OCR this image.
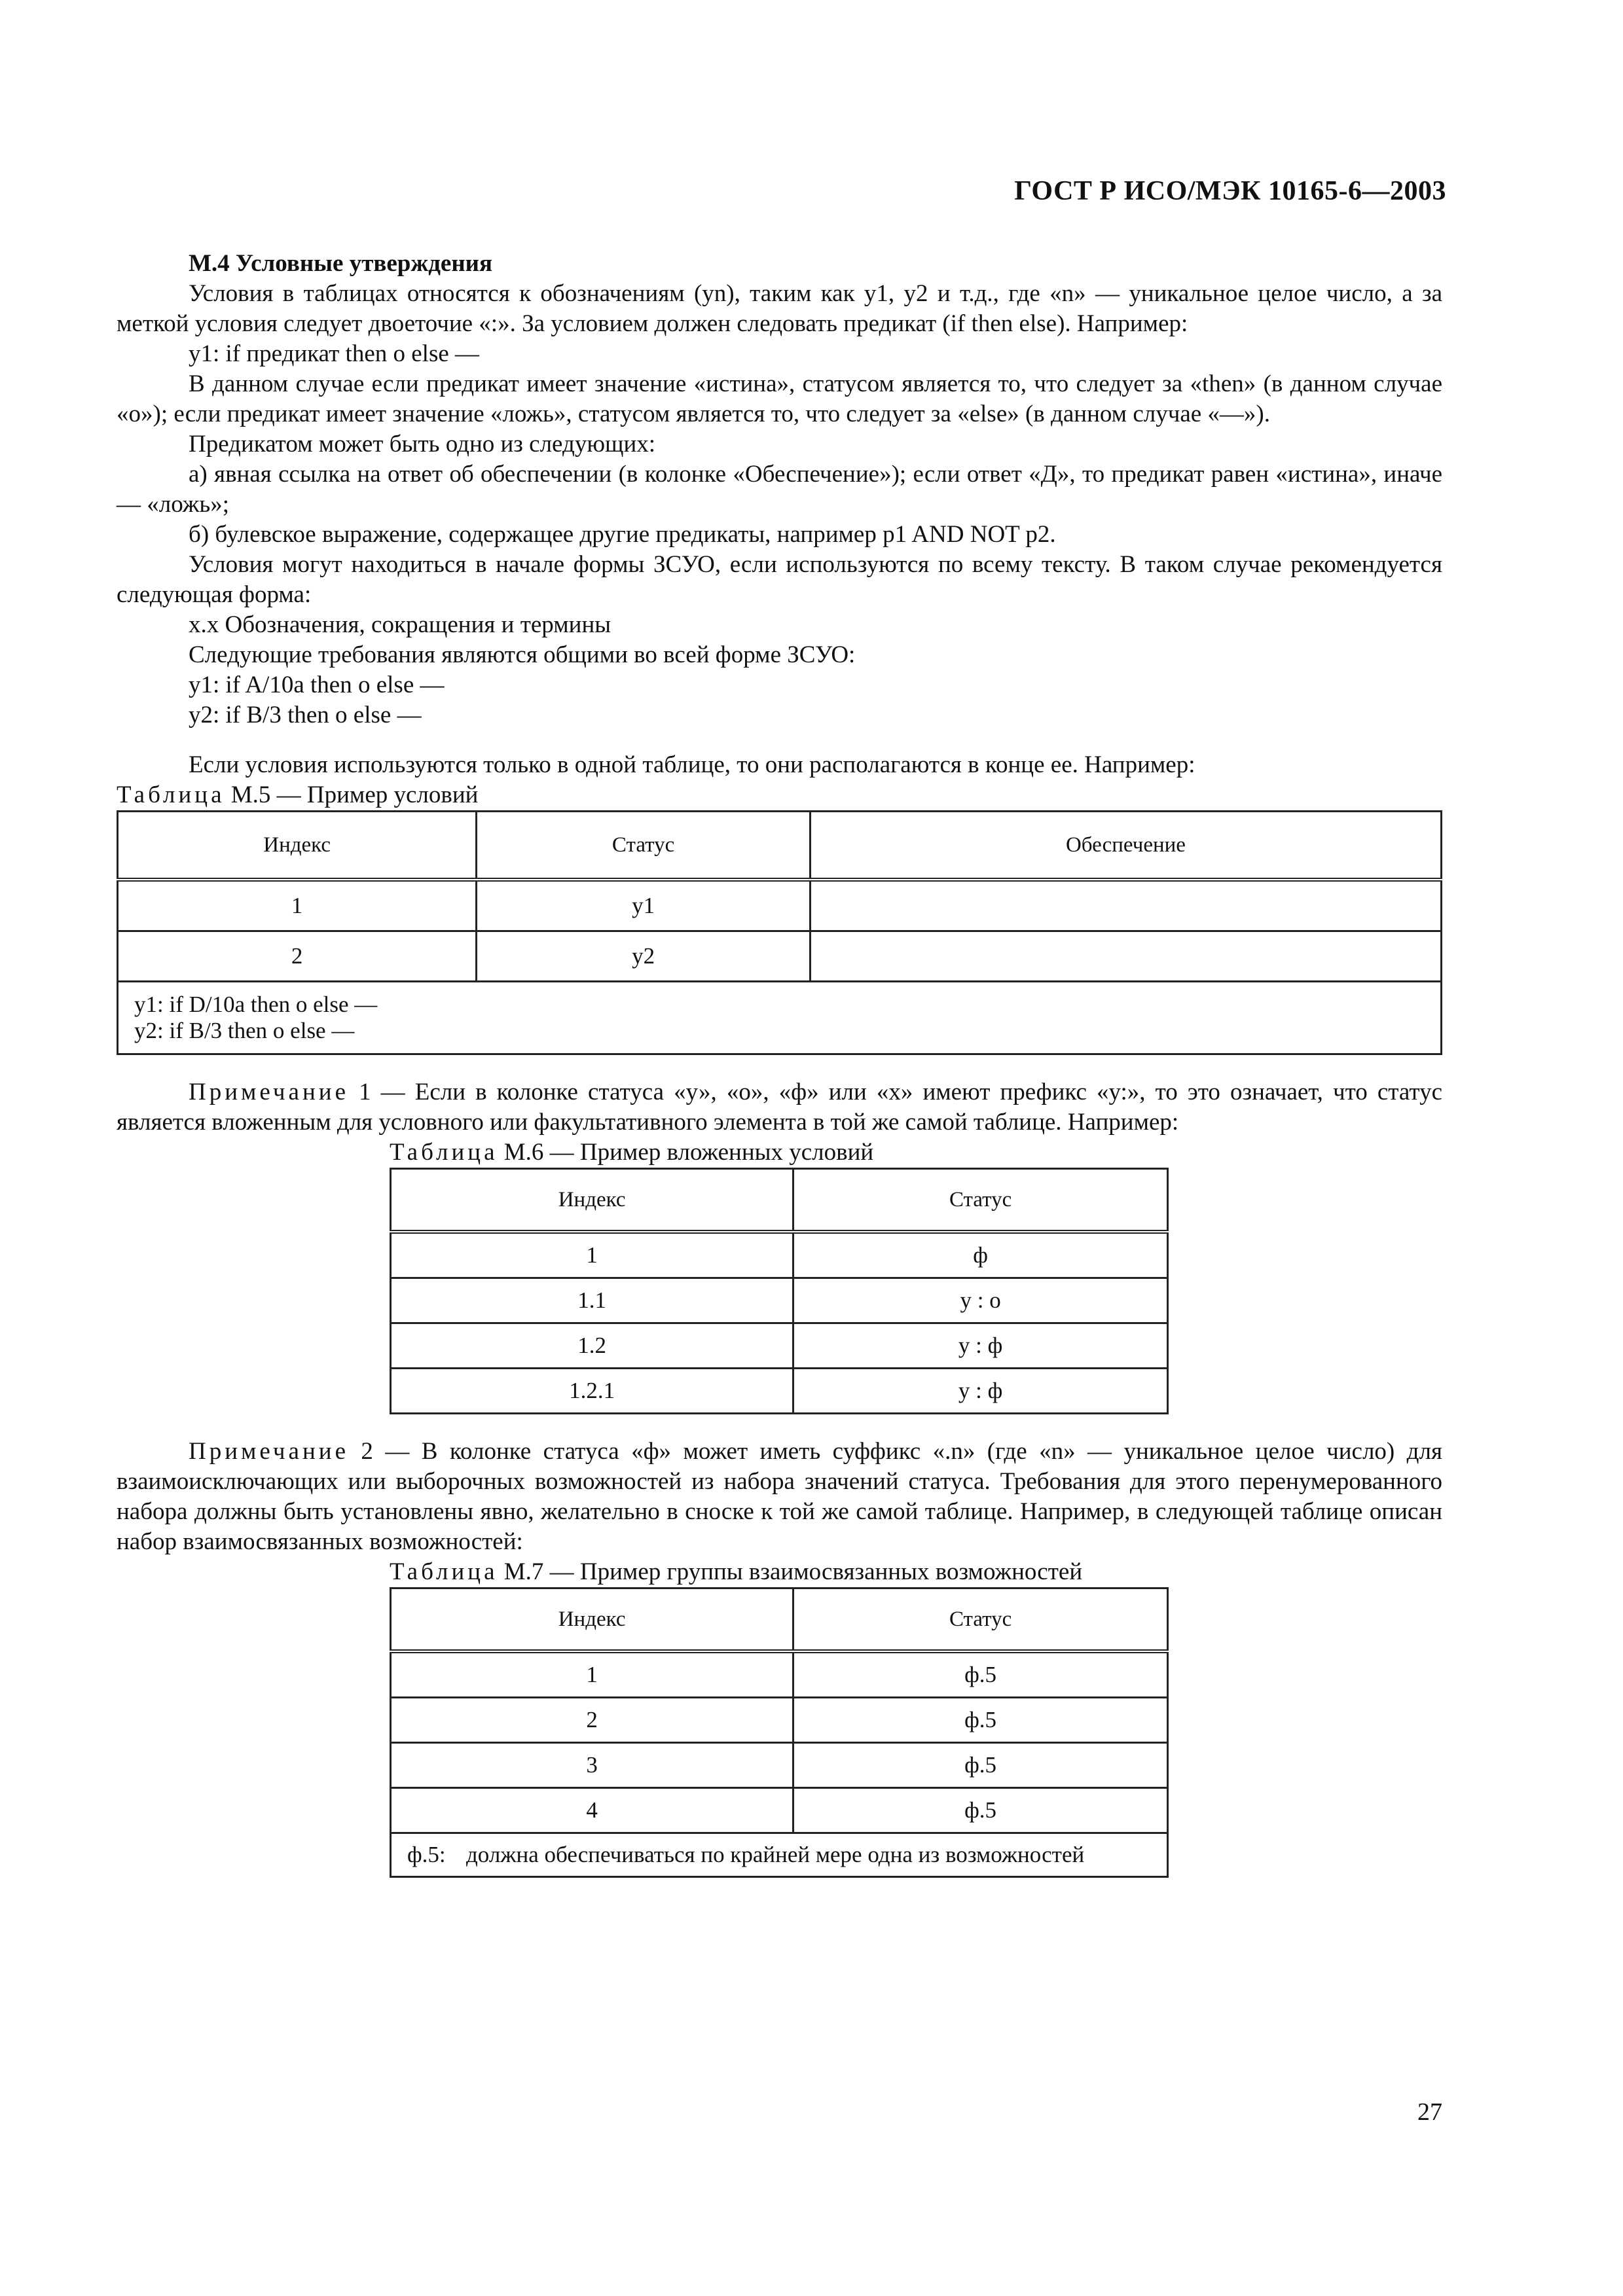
ГОСТ Р ИСО/МЭК 10165-6—2003

М.4 Условные утверждения

Условия в таблицах относятся к обозначениям (yn), таким как y1, y2 и т.д., где «n» — уникальное целое число, а за меткой условия следует двоеточие «:». За условием должен следовать предикат (if then else). Например:

y1: if предикат then o else —

В данном случае если предикат имеет значение «истина», статусом является то, что следует за «then» (в данном случае «o»); если предикат имеет значение «ложь», статусом является то, что следует за «else» (в данном случае «—»).

Предикатом может быть одно из следующих:

а) явная ссылка на ответ об обеспечении (в колонке «Обеспечение»); если ответ «Д», то предикат равен «истина», иначе — «ложь»;

б) булевское выражение, содержащее другие предикаты, например p1 AND NOT p2.

Условия могут находиться в начале формы ЗСУО, если используются по всему тексту. В таком случае рекомендуется следующая форма:

x.x Обозначения, сокращения и термины

Следующие требования являются общими во всей форме ЗСУО:

y1: if A/10a then o else —

y2: if B/3 then o else —

Если условия используются только в одной таблице, то они располагаются в конце ее. Например:

Таблица М.5 — Пример условий

Индекс	Статус	Обеспечение
1	y1	
2	y2	

y1: if D/10a then o else —
y2: if B/3 then o else —		

Примечание 1 — Если в колонке статуса «у», «о», «ф» или «х» имеют префикс «у:», то это означает, что статус является вложенным для условного или факультативного элемента в той же самой таблице. Например:

Таблица М.6 — Пример вложенных условий

Индекс	Статус
1	ф
1.1	у : о
1.2	у : ф
1.2.1	у : ф

Примечание 2 — В колонке статуса «ф» может иметь суффикс «.n» (где «n» — уникальное целое число) для взаимоисключающих или выборочных возможностей из набора значений статуса. Требования для этого перенумерованного набора должны быть установлены явно, желательно в сноске к той же самой таблице. Например, в следующей таблице описан набор взаимосвязанных возможностей:

Таблица М.7 — Пример группы взаимосвязанных возможностей

Индекс	Статус
1	ф.5
2	ф.5
3	ф.5
4	ф.5

ф.5: должна обеспечиваться по крайней мере одна из возможностей	
27
